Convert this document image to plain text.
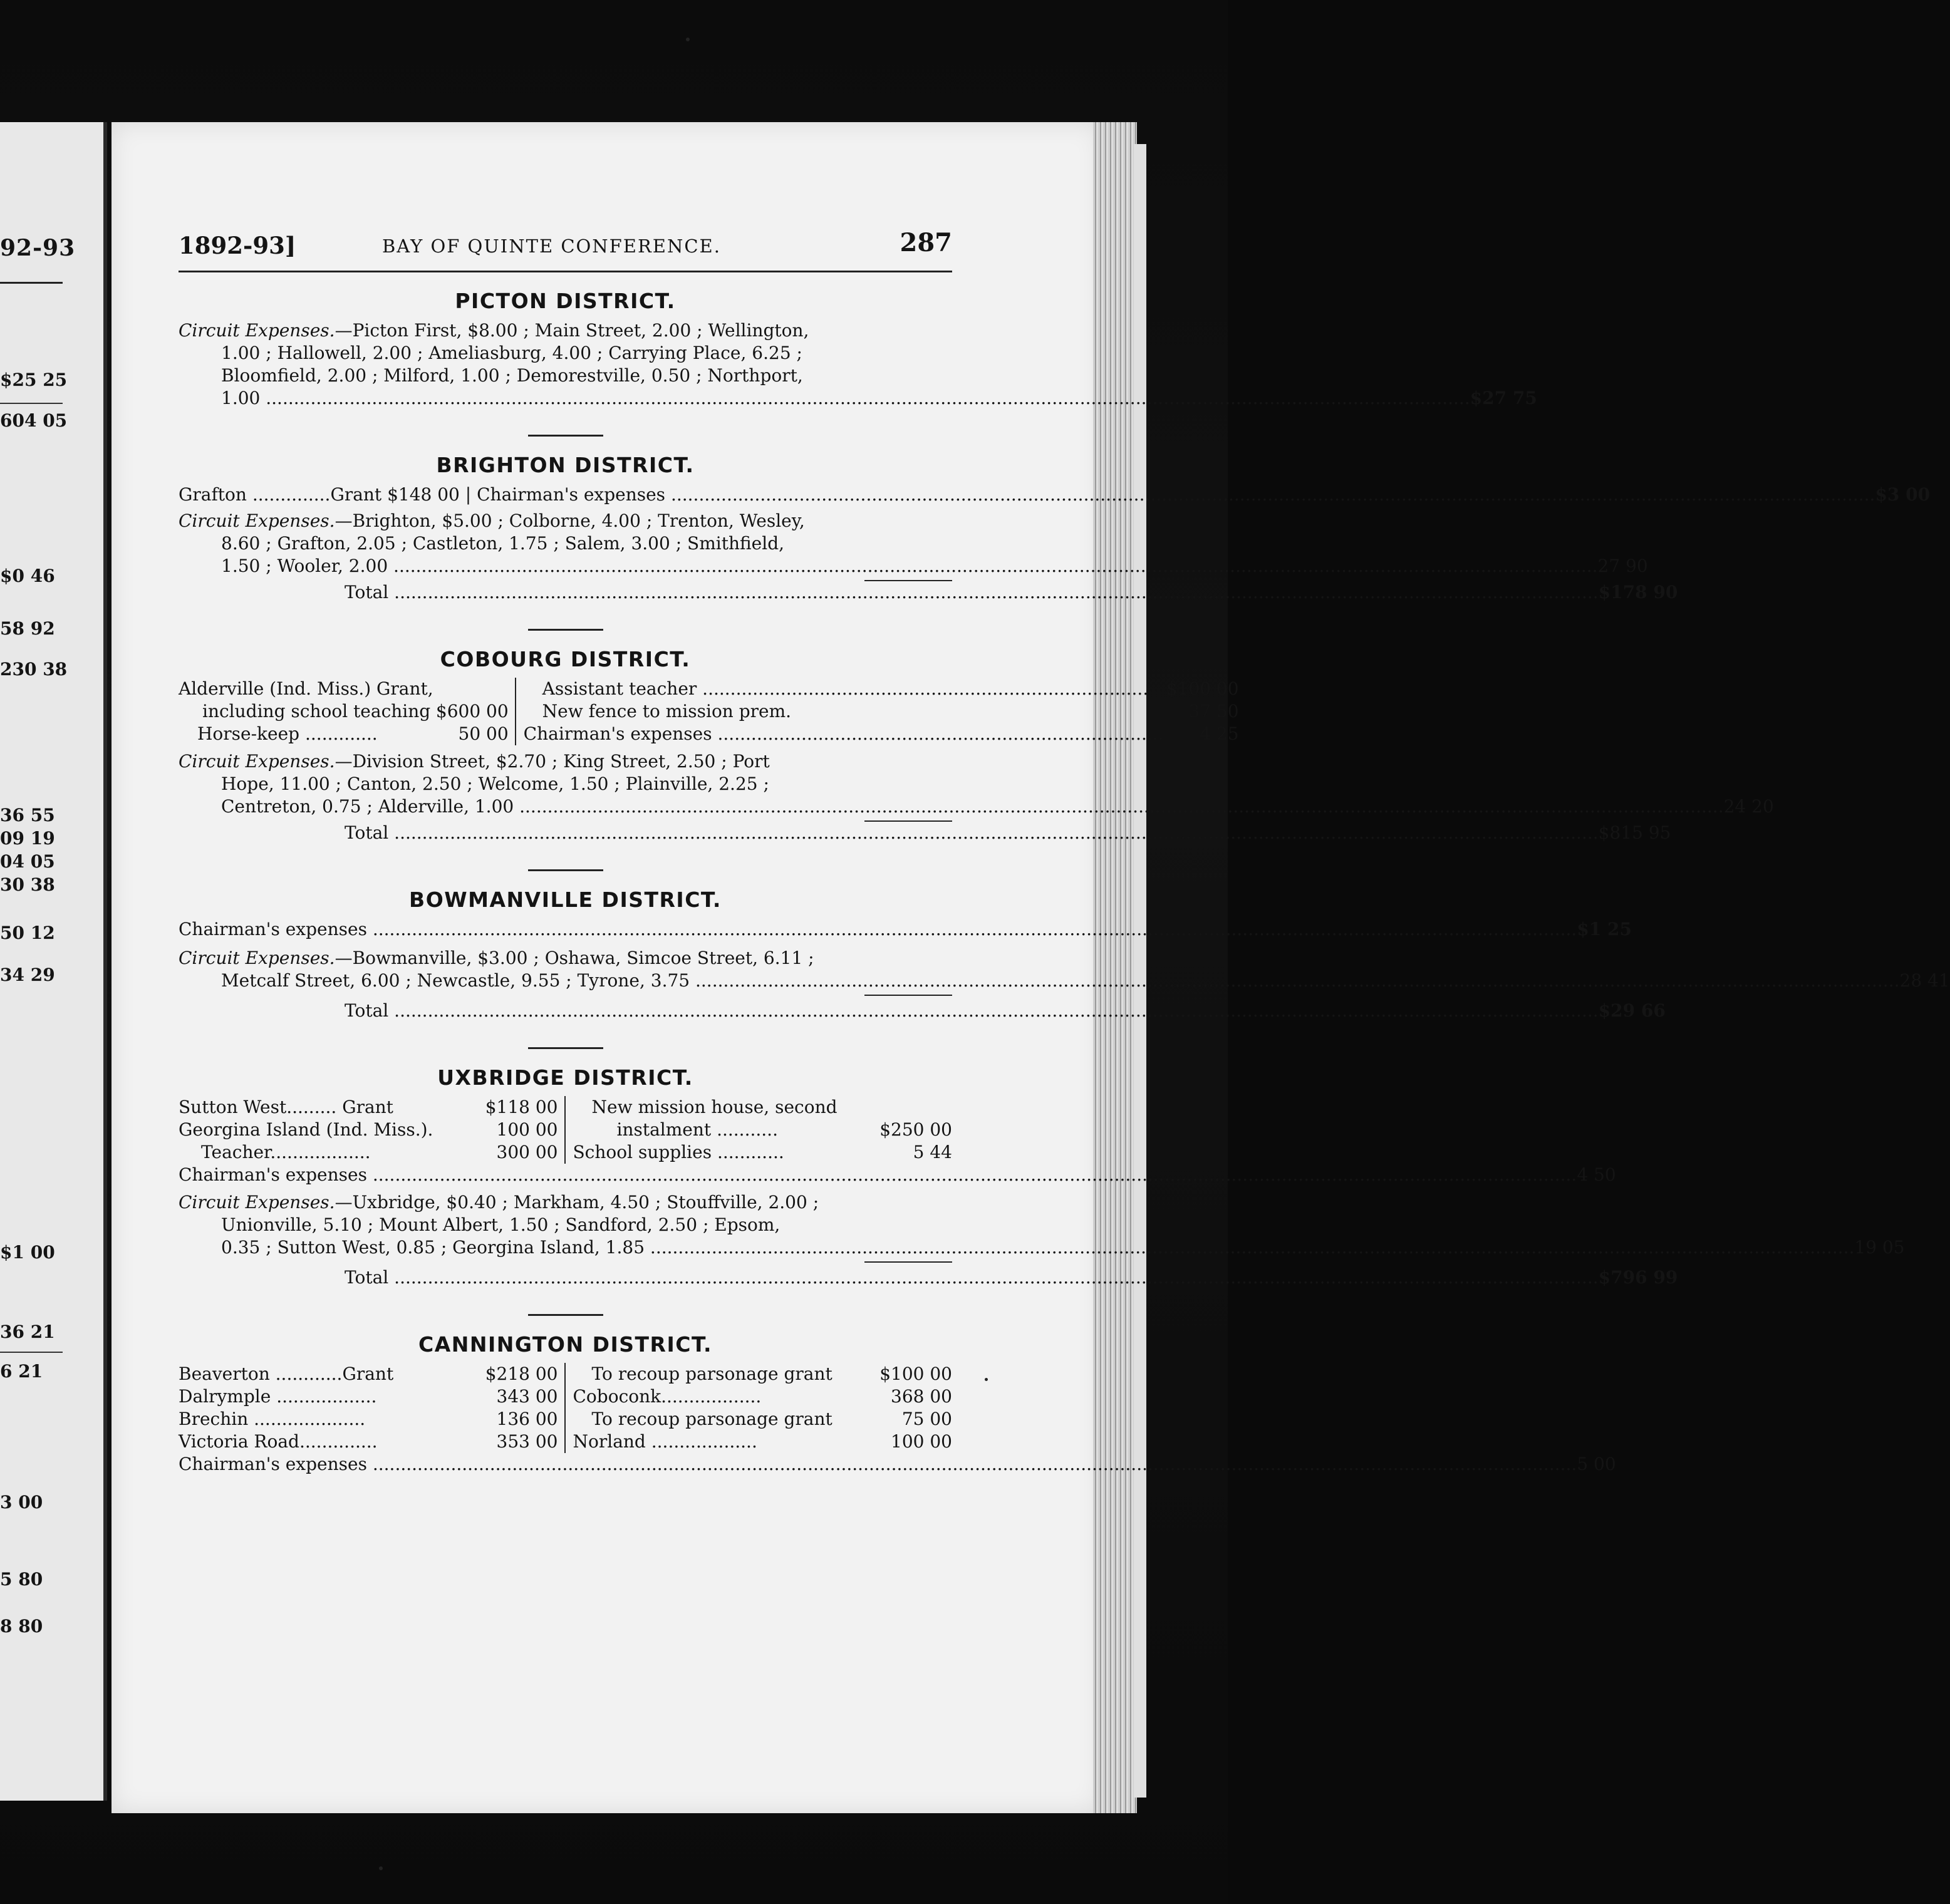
92-93
$25 25
604 05
$0 46
58 92
230 38
36 55
09 19
04 05
30 38
50 12
34 29
$1 00
36 21
6 21
3 00
5 80
8 80
1892-93]	BAY OF QUINTE CONFERENCE.	287
PICTON DISTRICT.

Circuit Expenses.—Picton First, $8.00 ; Main Street, 2.00 ; Wellington,
1.00 ; Hallowell, 2.00 ; Ameliasburg, 4.00 ; Carrying Place, 6.25 ;
Bloomfield, 2.00 ; Milford, 1.00 ; Demorestville, 0.50 ; Northport,

1.00 .....	$27 75
BRIGHTON DISTRICT.
Grafton ..............Grant $148 00 | Chairman's expenses .....	$3 00

Circuit Expenses.—Brighton, $5.00 ; Colborne, 4.00 ; Trenton, Wesley,
8.60 ; Grafton, 2.05 ; Castleton, 1.75 ; Salem, 3.00 ; Smithfield,

1.50 ; Wooler, 2.00 .....	27 90
Total .....	$178 90
COBOURG DISTRICT.
Alderville (Ind. Miss.) Grant,
including school teaching $600 00
Horse-keep .............	50 00
Assistant teacher .....	$100 00
New fence to mission prem.	37 50
Chairman's expenses .....	4 25

Circuit Expenses.—Division Street, $2.70 ; King Street, 2.50 ; Port
Hope, 11.00 ; Canton, 2.50 ; Welcome, 1.50 ; Plainville, 2.25 ;

Centreton, 0.75 ; Alderville, 1.00 .....	24 20
Total .....	$815 95
BOWMANVILLE DISTRICT.
Chairman's expenses .....	$1 25

Circuit Expenses.—Bowmanville, $3.00 ; Oshawa, Simcoe Street, 6.11 ;

Metcalf Street, 6.00 ; Newcastle, 9.55 ; Tyrone, 3.75 .....	28 41
Total .....	$29 66
UXBRIDGE DISTRICT.
Sutton West......... Grant	$118 00
Georgina Island (Ind. Miss.).	100 00
Teacher..................	300 00
New mission house, second
instalment ...........	$250 00
School supplies ............	5 44
Chairman's expenses .....	4 50

Circuit Expenses.—Uxbridge, $0.40 ; Markham, 4.50 ; Stouffville, 2.00 ;
Unionville, 5.10 ; Mount Albert, 1.50 ; Sandford, 2.50 ; Epsom,

0.35 ; Sutton West, 0.85 ; Georgina Island, 1.85 .....	19 05
Total .....	$796 99
CANNINGTON DISTRICT.
Beaverton ............Grant	$218 00
Dalrymple ..................	343 00
Brechin ....................	136 00
Victoria Road..............	353 00
To recoup parsonage grant	$100 00
Coboconk..................	368 00
To recoup parsonage grant	75 00
Norland ...................	100 00
Chairman's expenses .....	5 00
